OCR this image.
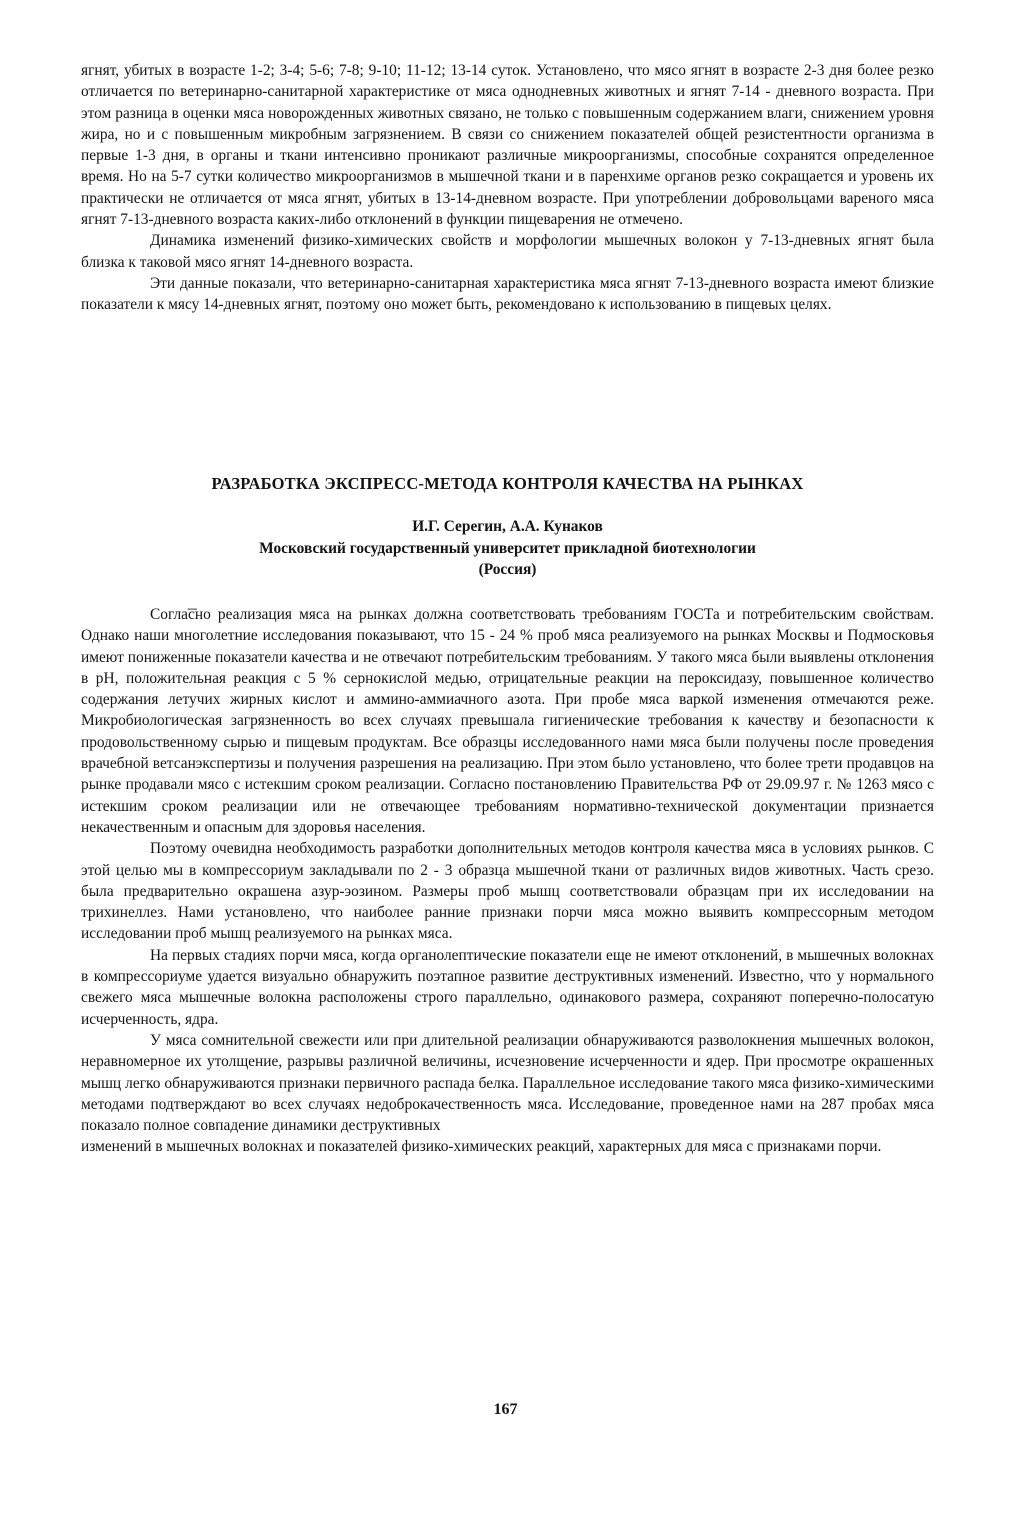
ягнят, убитых в возрасте 1-2; 3-4; 5-6; 7-8; 9-10; 11-12; 13-14 суток. Установлено, что мясо ягнят в возрасте 2-3 дня более резко отличается по ветеринарно-санитарной характеристике от мяса однодневных животных и ягнят 7-14 - дневного возраста. При этом разница в оценки мяса новорожденных животных связано, не только с повышенным содержанием влаги, снижением уровня жира, но и с повышенным микробным загрязнением. В связи со снижением показателей общей резистентности организма в первые 1-3 дня, в органы и ткани интенсивно проникают различные микроорганизмы, способные сохранятся определенное время. Но на 5-7 сутки количество микроорганизмов в мышечной ткани и в паренхиме органов резко сокращается и уровень их практически не отличается от мяса ягнят, убитых в 13-14-дневном возрасте. При употреблении добровольцами вареного мяса ягнят 7-13-дневного возраста каких-либо отклонений в функции пищеварения не отмечено.

Динамика изменений физико-химических свойств и морфологии мышечных волокон у 7-13-дневных ягнят была близка к таковой мясо ягнят 14-дневного возраста.

Эти данные показали, что ветеринарно-санитарная характеристика мяса ягнят 7-13-дневного возраста имеют близкие показатели к мясу 14-дневных ягнят, поэтому оно может быть, рекомендовано к использованию в пищевых целях.

РАЗРАБОТКА ЭКСПРЕСС-МЕТОДА КОНТРОЛЯ КАЧЕСТВА НА РЫНКАХ
И.Г. Серегин, А.А. Кунаков
Московский государственный университет прикладной биотехнологии
(Россия)

Согла͞сно реализация мяса на рынках должна соответствовать требованиям ГОСТа и потребительским свойствам. Однако наши многолетние исследования показывают, что 15 - 24 % проб мяса реализуемого на рынках Москвы и Подмосковья имеют пониженные показатели качества и не отвечают потребительским требованиям. У такого мяса были выявлены отклонения в рН, положительная реакция с 5 % сернокислой медью, отрицательные реакции на пероксидазу, повышенное количество содержания летучих жирных кислот и аммино-аммиачного азота. При пробе мяса варкой изменения отмечаются реже. Микробиологическая загрязненность во всех случаях превышала гигиенические требования к качеству и безопасности к продовольственному сырью и пищевым продуктам. Все образцы исследованного нами мяса были получены после проведения врачебной ветсанэкспертизы и получения разрешения на реализацию. При этом было установлено, что более трети продавцов на рынке продавали мясо с истекшим сроком реализации. Согласно постановлению Правительства РФ от 29.09.97 г. № 1263 мясо с истекшим сроком реализации или не отвечающее требованиям нормативно-технической документации признается некачественным и опасным для здоровья населения.

Поэтому очевидна необходимость разработки дополнительных методов контроля качества мяса в условиях рынков. С этой целью мы в компрессориум закладывали по 2 - 3 образца мышечной ткани от различных видов животных. Часть срезо. была предварительно окрашена азур-эозином. Размеры проб мышц соответствовали образцам при их исследовании на трихинеллез. Нами установлено, что наиболее ранние признаки порчи мяса можно выявить компрессорным методом исследовании проб мышц реализуемого на рынках мяса.

На первых стадиях порчи мяса, когда органолептические показатели еще не имеют отклонений, в мышечных волокнах в компрессориуме удается визуально обнаружить поэтапное развитие деструктивных изменений. Известно, что у нормального свежего мяса мышечные волокна расположены строго параллельно, одинакового размера, сохраняют поперечно-полосатую исчерченность, ядра.

У мяса сомнительной свежести или при длительной реализации обнаруживаются разволокнения мышечных волокон, неравномерное их утолщение, разрывы различной величины, исчезновение исчерченности и ядер. При просмотре окрашенных мышц легко обнаруживаются признаки первичного распада белка. Параллельное исследование такого мяса физико-химическими методами подтверждают во всех случаях недоброкачественность мяса. Исследование, проведенное нами на 287 пробах мяса показало полное совпадение динамики деструктивных

изменений в мышечных волокнах и показателей физико-химических реакций, характерных для мяса с признаками порчи.

167
